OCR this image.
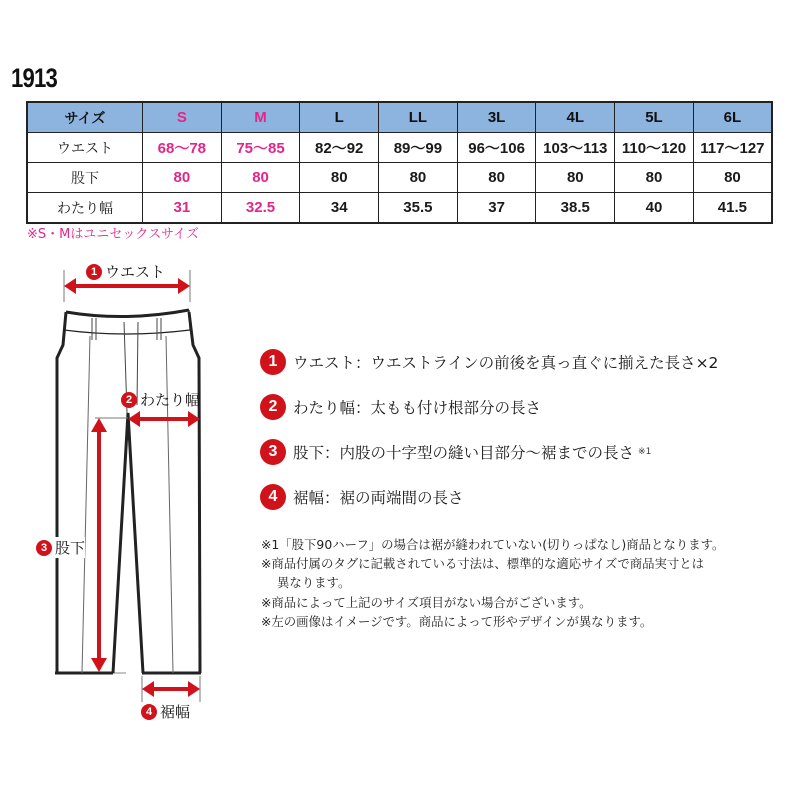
1913
サイズ	S	M	L	LL	3L	4L	5L	6L
ウエスト	68〜78	75〜85	82〜92	89〜99	96〜106	103〜113	110〜120	117〜127
股下	80	80	80	80	80	80	80	80
わたり幅	31	32.5	34	35.5	37	38.5	40	41.5
※S・Mはユニセックスサイズ
1 ウエスト
2 わたり幅
3 股下
4 裾幅
1	ウエスト ： ウエストラインの前後を真っ直ぐに揃えた長さ×2
2	わたり幅 ： 太もも付け根部分の長さ
3	股下 ： 内股の十字型の縫い目部分〜裾までの長さ ※1
4	裾幅 ： 裾の両端間の長さ
※1「股下90ハーフ」の場合は裾が縫われていない(切りっぱなし)商品となります。
※商品付属のタグに記載されている寸法は、標準的な適応サイズで商品実寸とは
異なります。
※商品によって上記のサイズ項目がない場合がございます。
※左の画像はイメージです。商品によって形やデザインが異なります。
